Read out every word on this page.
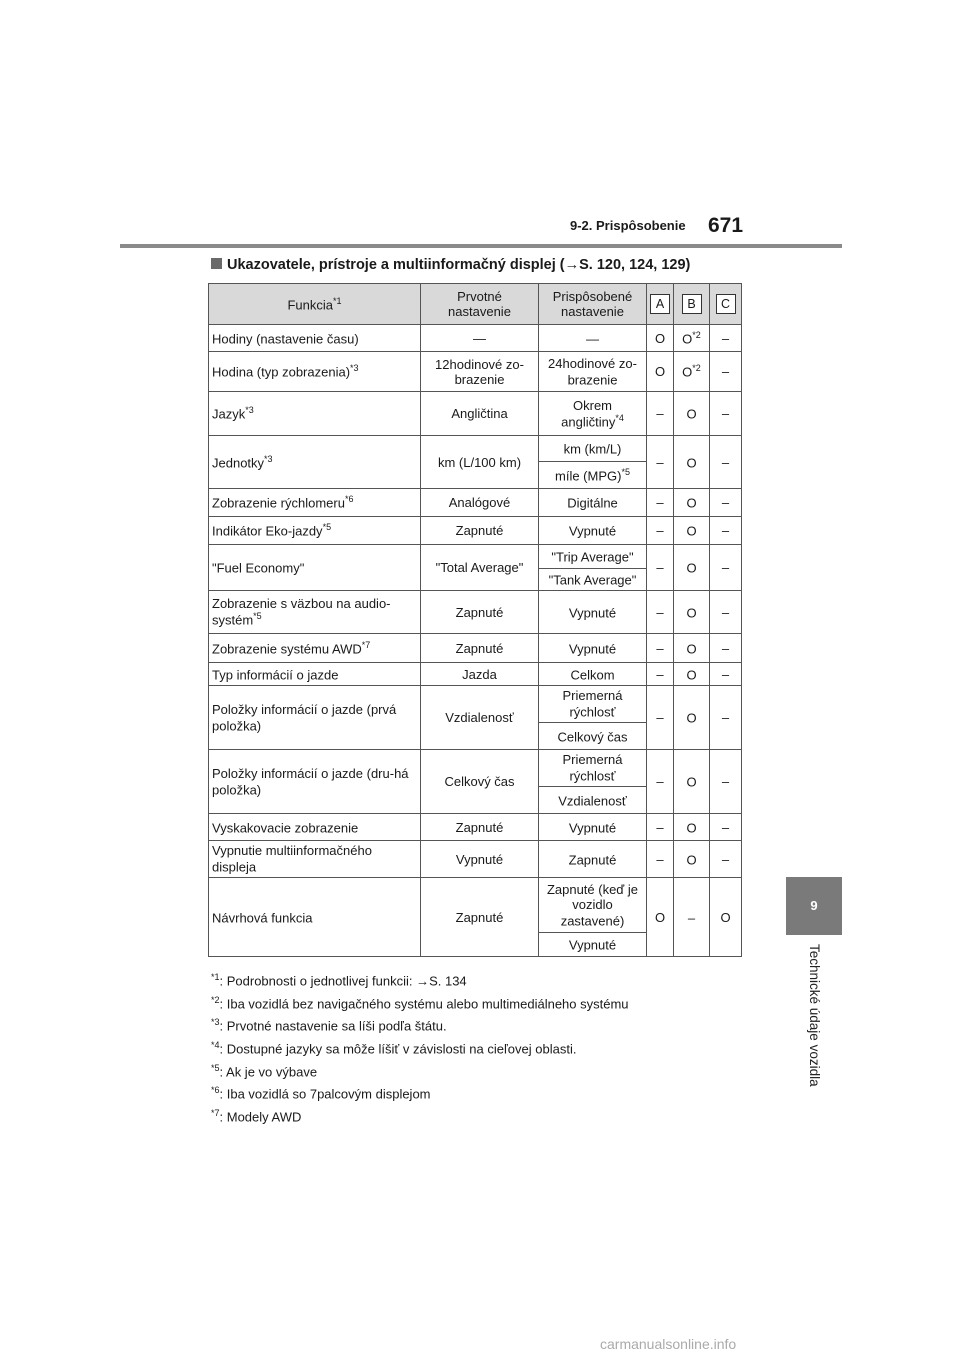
9-2. Prispôsobenie 671
9
Technické údaje vozidla
Ukazovatele, prístroje a multiinformačný displej (→S. 120, 124, 129)
Funkcia$^{*1}$	Prvotné nastavenie	Prispôsobené nastavenie	A	B	C
Hodiny (nastavenie času)	—	—	O	$O^{*2}$	–
Hodina (typ zobrazenia)$^{*3}$	12hodinové zo-brazenie	24hodinové zo-brazenie	O	$O^{*2}$	–
Jazyk$^{*3}$	Angličtina	Okrem angličtiny$^{*4}$	–	O	–
Jednotky$^{*3}$	km (L/100 km)	km (km/L)	–	O	–
		míle (MPG)$^{*5}$
Zobrazenie rýchlomeru$^{*6}$	Analógové	Digitálne	–	O	–
Indikátor Eko-jazdy$^{*5}$	Zapnuté	Vypnuté	–	O	–
"Fuel Economy"	"Total Average"	"Trip Average"	–	O	–
		"Tank Average"			
Zobrazenie s väzbou na audio-systém$^{*5}$	Zapnuté	Vypnuté	–	O	–
Zobrazenie systému AWD$^{*7}$	Zapnuté	Vypnuté	–	O	–
Typ informácií o jazde	Jazda	Celkom	–	O	–
Položky informácií o jazde (prvá položka)	Vzdialenosť	Priemerná rýchlosť	–	O	–
		Celkový čas			
Položky informácií o jazde (dru-há položka)	Celkový čas	Priemerná rýchlosť	–	O	–
		Vzdialenosť			
Vyskakovacie zobrazenie	Zapnuté	Vypnuté	–	O	–
Vypnutie multiinformačného displeja	Vypnuté	Zapnuté	–	O	–
Návrhová funkcia	Zapnuté	Zapnuté (keď je vozidlo zastavené)	O	–	O
		Vypnuté			
$^{*1}$: Podrobnosti o jednotlivej funkcii: →S. 134
$^{*2}$: Iba vozidlá bez navigačného systému alebo multimediálneho systému
$^{*3}$: Prvotné nastavenie sa líši podľa štátu.
$^{*4}$: Dostupné jazyky sa môže líšiť v závislosti na cieľovej oblasti.
$^{*5}$: Ak je vo výbave
$^{*6}$: Iba vozidlá so 7palcovým displejom
$^{*7}$: Modely AWD
carmanualsonline.info
